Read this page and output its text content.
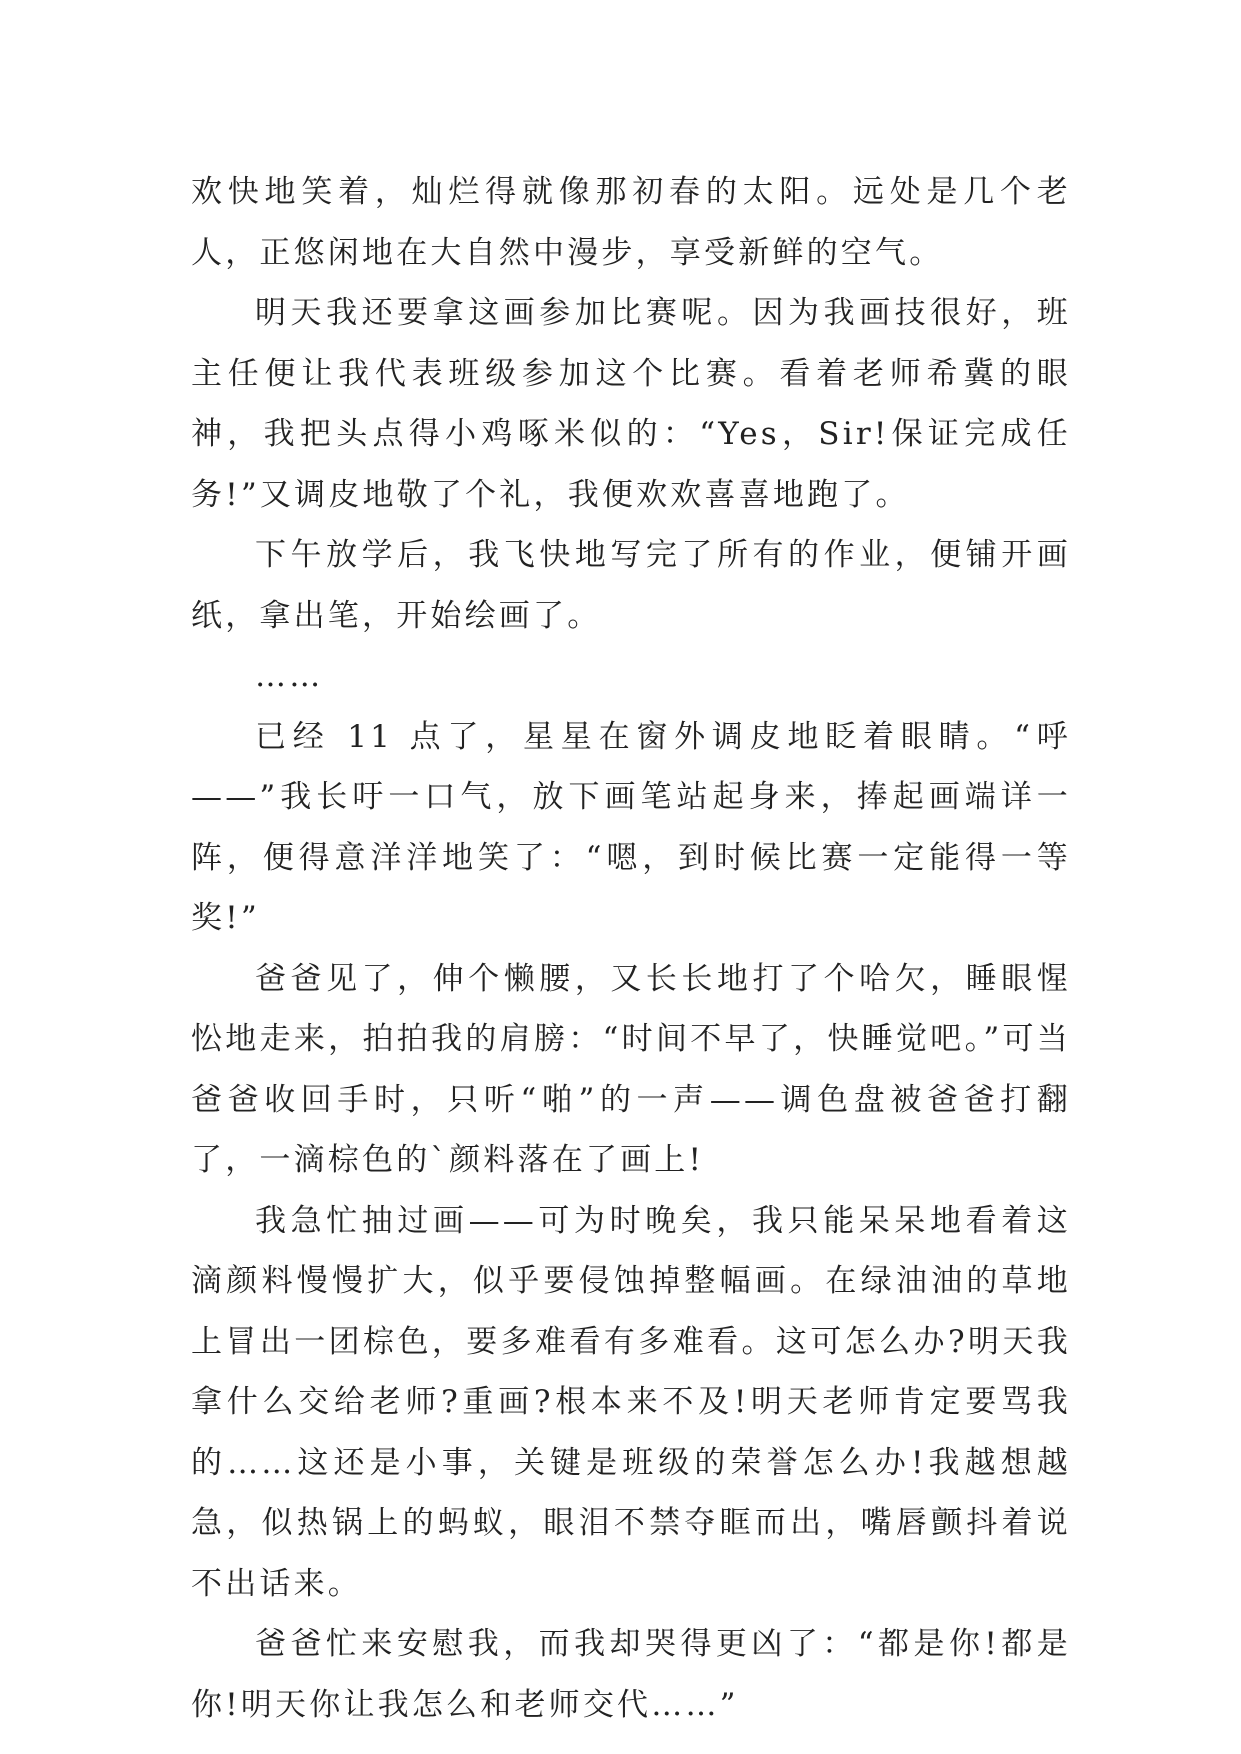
欢快地笑着，灿烂得就像那初春的太阳。远处是几个老人，正悠闲地在大自然中漫步，享受新鲜的空气。

明天我还要拿这画参加比赛呢。因为我画技很好，班主任便让我代表班级参加这个比赛。看着老师希冀的眼神，我把头点得小鸡啄米似的：“Yes，Sir!保证完成任务!”又调皮地敬了个礼，我便欢欢喜喜地跑了。

下午放学后，我飞快地写完了所有的作业，便铺开画纸，拿出笔，开始绘画了。

……

已经 11 点了，星星在窗外调皮地眨着眼睛。“呼——”我长吁一口气，放下画笔站起身来，捧起画端详一阵，便得意洋洋地笑了：“嗯，到时候比赛一定能得一等奖!”

爸爸见了，伸个懒腰，又长长地打了个哈欠，睡眼惺忪地走来，拍拍我的肩膀：“时间不早了，快睡觉吧。”可当爸爸收回手时，只听“啪”的一声——调色盘被爸爸打翻了，一滴棕色的`颜料落在了画上!

我急忙抽过画——可为时晚矣，我只能呆呆地看着这滴颜料慢慢扩大，似乎要侵蚀掉整幅画。在绿油油的草地上冒出一团棕色，要多难看有多难看。这可怎么办?明天我拿什么交给老师?重画?根本来不及!明天老师肯定要骂我的……这还是小事，关键是班级的荣誉怎么办!我越想越急，似热锅上的蚂蚁，眼泪不禁夺眶而出，嘴唇颤抖着说不出话来。

爸爸忙来安慰我，而我却哭得更凶了：“都是你!都是你!明天你让我怎么和老师交代……”
